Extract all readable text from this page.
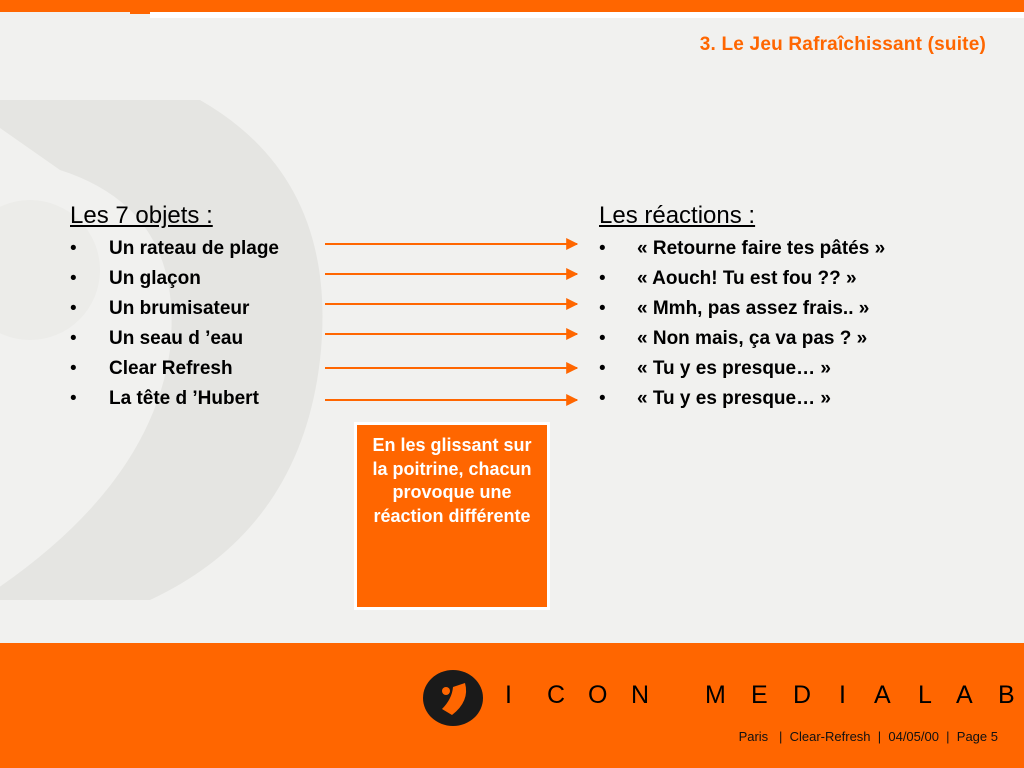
3. Le Jeu Rafraîchissant (suite)
Les 7 objets :
• Un rateau de plage
• Un glaçon
• Un brumisateur
• Un seau d ’eau
• Clear Refresh
• La tête d ’Hubert
Les réactions :
• « Retourne faire tes pâtés »
• « Aouch! Tu est fou ?? »
• « Mmh, pas assez frais.. »
• « Non mais, ça va pas ? »
• « Tu y es presque… »
• « Tu y es presque… »
En les glissant sur la poitrine, chacun provoque une réaction différente
I C O N M E D I A L A B
Paris   |  Clear-Refresh  |  04/05/00  |  Page 5
